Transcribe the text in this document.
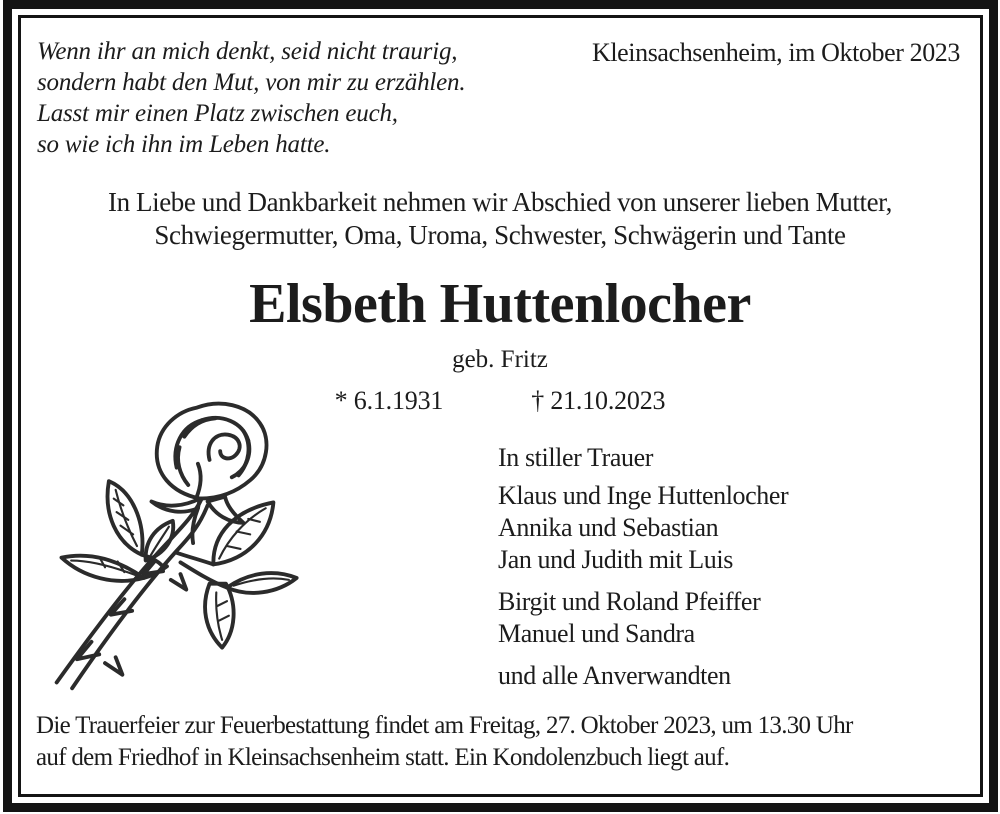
Wenn ihr an mich denkt, seid nicht traurig,
sondern habt den Mut, von mir zu erzählen.
Lasst mir einen Platz zwischen euch,
so wie ich ihn im Leben hatte.
Kleinsachsenheim, im Oktober 2023
In Liebe und Dankbarkeit nehmen wir Abschied von unserer lieben Mutter,
Schwiegermutter, Oma, Uroma, Schwester, Schwägerin und Tante
Elsbeth Huttenlocher
geb. Fritz
* 6.1.1931	† 21.10.2023
In stiller Trauer
Klaus und Inge Huttenlocher
Annika und Sebastian
Jan und Judith mit Luis
Birgit und Roland Pfeiffer
Manuel und Sandra
und alle Anverwandten
Die Trauerfeier zur Feuerbestattung findet am Freitag, 27. Oktober 2023, um 13.30 Uhr
auf dem Friedhof in Kleinsachsenheim statt. Ein Kondolenzbuch liegt auf.
